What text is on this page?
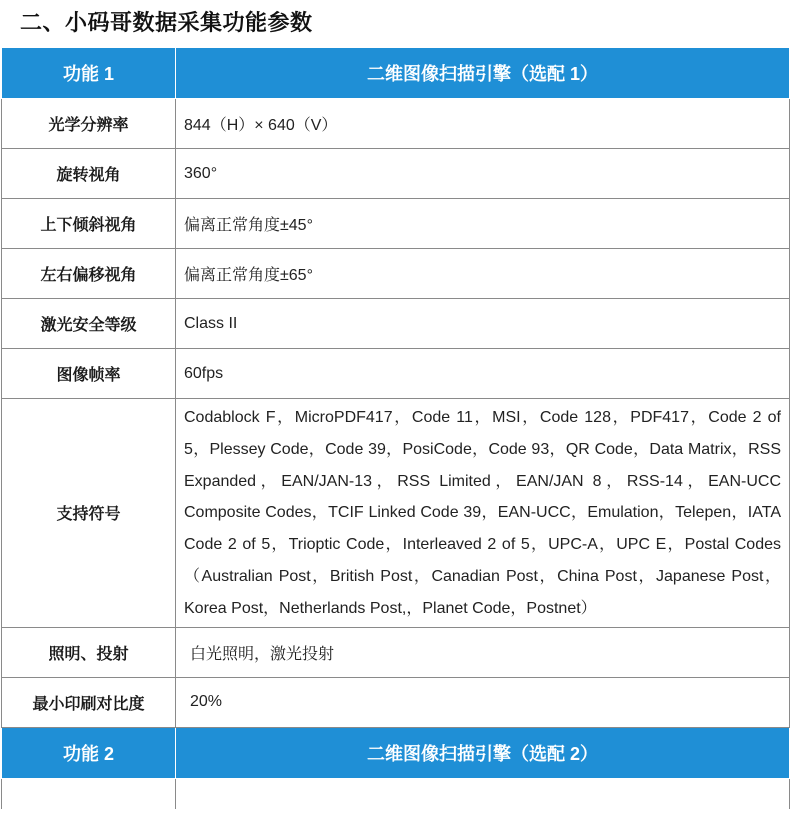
二、小码哥数据采集功能参数
功能 1	二维图像扫描引擎（选配 1）
光学分辨率	844（H）× 640（V）
旋转视角	360°
上下倾斜视角	偏离正常角度±45°
左右偏移视角	偏离正常角度±65°
激光安全等级	Class II
图像帧率	60fps
支持符号	Codablock F，MicroPDF417，Code 11，MSI，Code 128，PDF417，Code 2 of 5，Plessey Code，Code 39，PosiCode，Code 93，QR Code，Data Matrix，RSS Expanded，EAN/JAN-13，RSS Limited，EAN/JAN 8，RSS-14，EAN-UCC Composite Codes，TCIF Linked Code 39，EAN-UCC，Emulation，Telepen，IATA Code 2 of 5，Trioptic Code，Interleaved 2 of 5，UPC-A，UPC E，Postal Codes（Australian Post，British Post，Canadian Post，China Post，Japanese Post，Korea Post，Netherlands Post,，Planet Code，Postnet）
照明、投射	白光照明，激光投射
最小印刷对比度	20%
功能 2	二维图像扫描引擎（选配 2）
